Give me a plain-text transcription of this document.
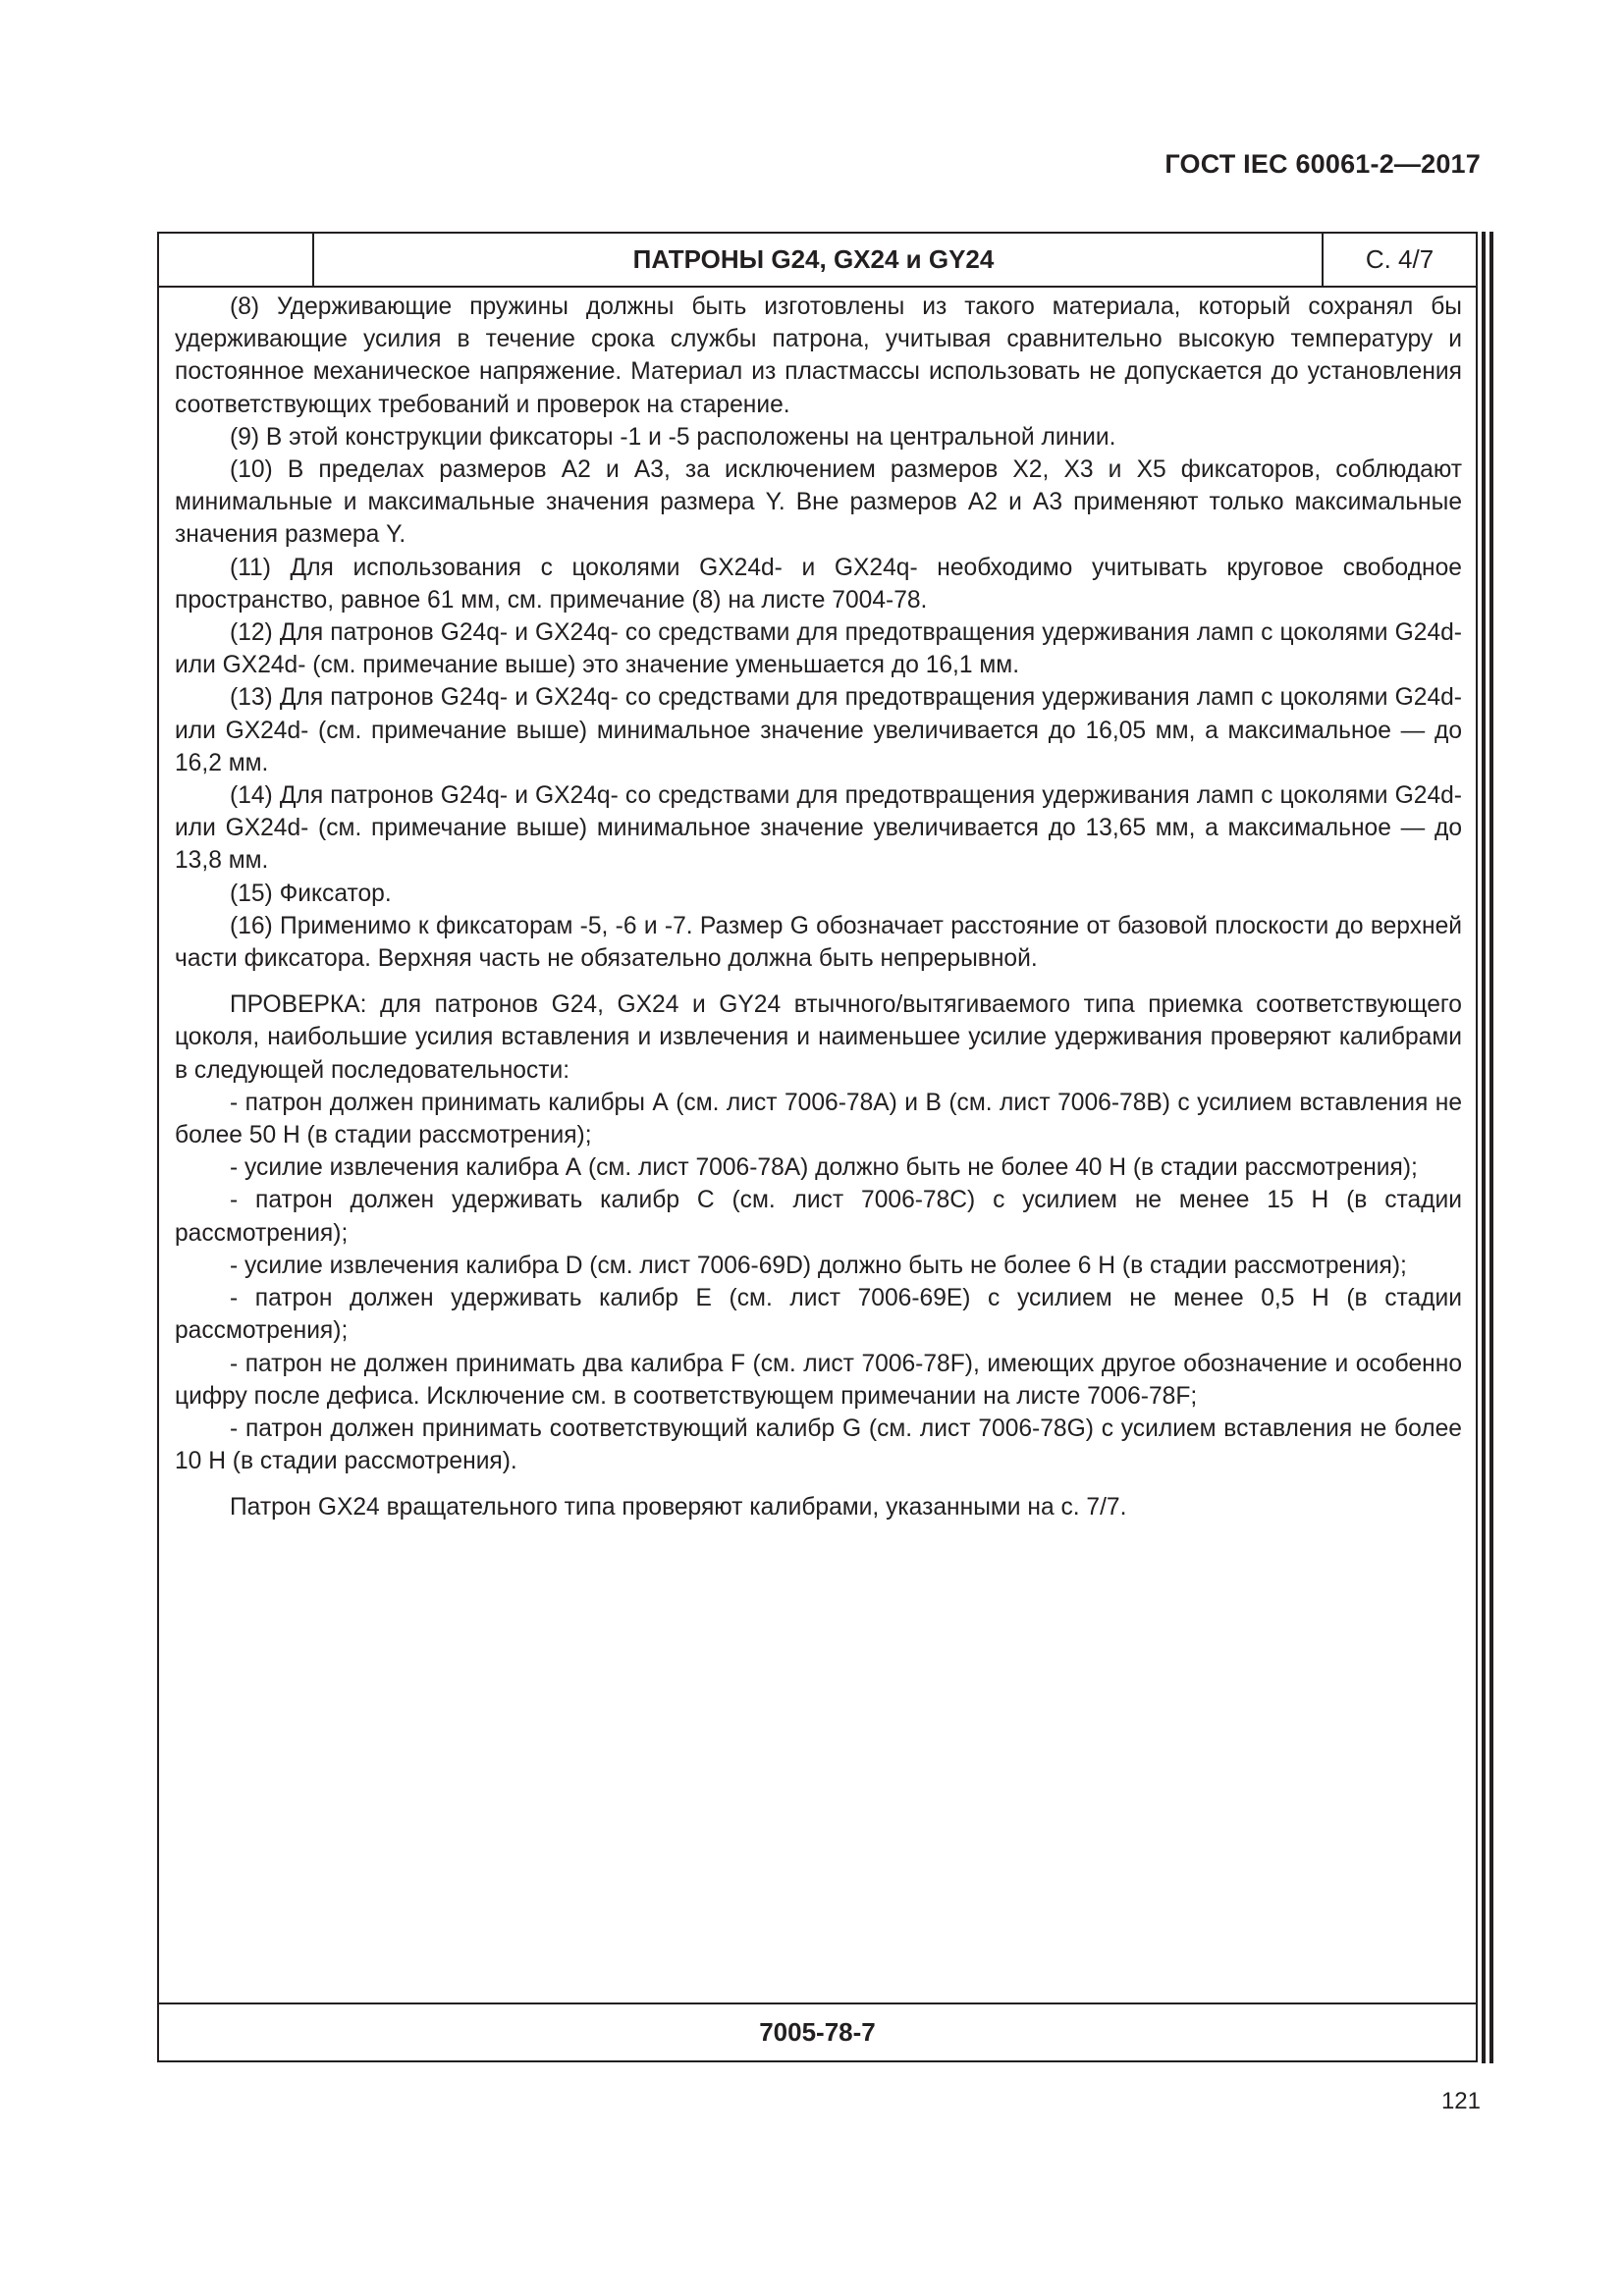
ГОСТ IEC 60061-2—2017
ПАТРОНЫ G24, GX24 и GY24	С. 4/7

(8) Удерживающие пружины должны быть изготовлены из такого материала, который сохранял бы удерживающие усилия в течение срока службы патрона, учитывая сравнительно высокую температуру и постоянное механическое напряжение. Материал из пластмассы использовать не допускается до установления соответствующих требований и проверок на старение.

(9) В этой конструкции фиксаторы -1 и -5 расположены на центральной линии.

(10) В пределах размеров А2 и А3, за исключением размеров Х2, Х3 и Х5 фиксаторов, соблюдают минимальные и максимальные значения размера Y. Вне размеров А2 и А3 применяют только максимальные значения размера Y.

(11) Для использования с цоколями GX24d- и GX24q- необходимо учитывать круговое свободное пространство, равное 61 мм, см. примечание (8) на листе 7004-78.

(12) Для патронов G24q- и GX24q- со средствами для предотвращения удерживания ламп с цоколями G24d- или GX24d- (см. примечание выше) это значение уменьшается до 16,1 мм.

(13) Для патронов G24q- и GX24q- со средствами для предотвращения удерживания ламп с цоколями G24d- или GX24d- (см. примечание выше) минимальное значение увеличивается до 16,05 мм, а максимальное — до 16,2 мм.

(14) Для патронов G24q- и GX24q- со средствами для предотвращения удерживания ламп с цоколями G24d- или GX24d- (см. примечание выше) минимальное значение увеличивается до 13,65 мм, а максимальное — до 13,8 мм.

(15) Фиксатор.

(16) Применимо к фиксаторам -5, -6 и -7. Размер G обозначает расстояние от базовой плоскости до верхней части фиксатора. Верхняя часть не обязательно должна быть непрерывной.

ПРОВЕРКА: для патронов G24, GX24 и GY24 втычного/вытягиваемого типа приемка соответствующего цоколя, наибольшие усилия вставления и извлечения и наименьшее усилие удерживания проверяют калибрами в следующей последовательности:

- патрон должен принимать калибры А (см. лист 7006-78A) и В (см. лист 7006-78B) с усилием вставления не более 50 Н (в стадии рассмотрения);

- усилие извлечения калибра А (см. лист 7006-78A) должно быть не более 40 Н (в стадии рассмотрения);

- патрон должен удерживать калибр С (см. лист 7006-78C) с усилием не менее 15 Н (в стадии рассмотрения);

- усилие извлечения калибра D (см. лист 7006-69D) должно быть не более 6 Н (в стадии рассмотрения);

- патрон должен удерживать калибр Е (см. лист 7006-69E) с усилием не менее 0,5 Н (в стадии рассмотрения);

- патрон не должен принимать два калибра F (см. лист 7006-78F), имеющих другое обозначение и особенно цифру после дефиса. Исключение см. в соответствующем примечании на листе 7006-78F;

- патрон должен принимать соответствующий калибр G (см. лист 7006-78G) с усилием вставления не более 10 Н (в стадии рассмотрения).

Патрон GX24 вращательного типа проверяют калибрами, указанными на с. 7/7.

7005-78-7
121
